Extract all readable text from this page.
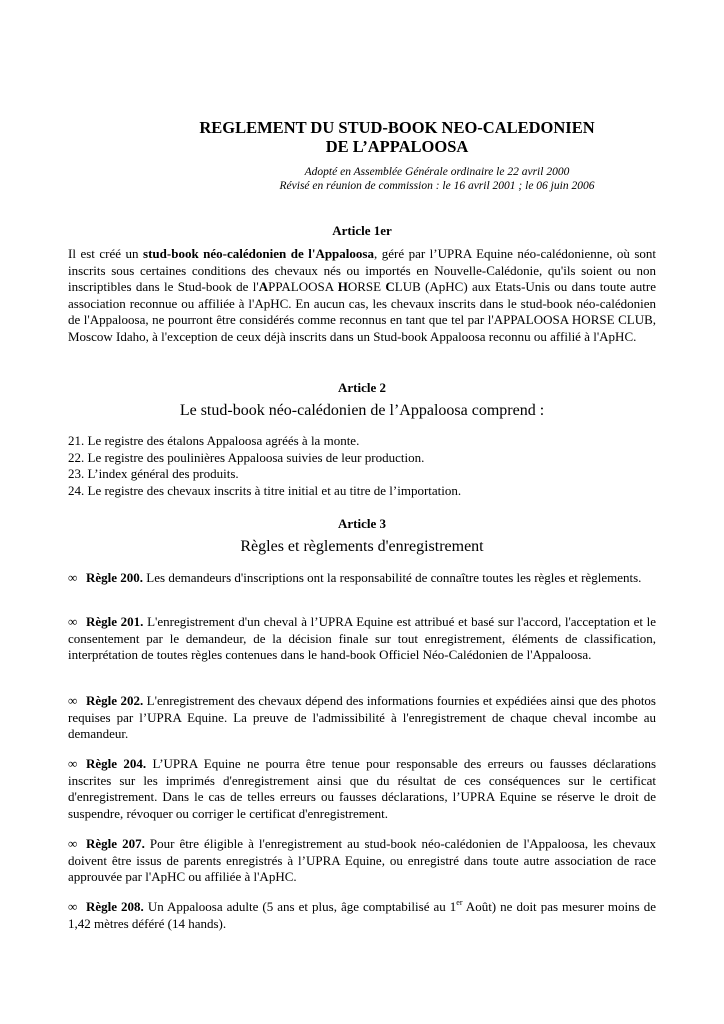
REGLEMENT DU STUD-BOOK NEO-CALEDONIEN
DE L’APPALOOSA
Adopté en Assemblée Générale ordinaire le 22 avril 2000
Révisé en réunion de commission : le 16 avril 2001 ; le 06 juin 2006
Article 1er

Il est créé un stud-book néo-calédonien de l'Appaloosa, géré par l’UPRA Equine néo-calédonienne, où sont inscrits sous certaines conditions des chevaux nés ou importés en Nouvelle-Calédonie, qu'ils soient ou non inscriptibles dans le Stud-book de l'APPALOOSA HORSE CLUB (ApHC) aux Etats-Unis ou dans toute autre association reconnue ou affiliée à l'ApHC. En aucun cas, les chevaux inscrits dans le stud-book néo-calédonien de l'Appaloosa, ne pourront être considérés comme reconnus en tant que tel par l'APPALOOSA HORSE CLUB, Moscow Idaho, à l'exception de ceux déjà inscrits dans un Stud-book Appaloosa reconnu ou affilié à l'ApHC.

Article 2
Le stud-book néo-calédonien de l’Appaloosa comprend :
21. Le registre des étalons Appaloosa agréés à la monte.
22. Le registre des poulinières Appaloosa suivies de leur production.
23. L’index général des produits.
24. Le registre des chevaux inscrits à titre initial et au titre de l’importation.
Article 3
Règles et règlements d'enregistrement

∞ Règle 200. Les demandeurs d'inscriptions ont la responsabilité de connaître toutes les règles et règlements.

∞ Règle 201. L'enregistrement d'un cheval à l’UPRA Equine est attribué et basé sur l'accord, l'acceptation et le consentement par le demandeur, de la décision finale sur tout enregistrement, éléments de classification, interprétation de toutes règles contenues dans le hand-book Officiel Néo-Calédonien de l'Appaloosa.

∞ Règle 202. L'enregistrement des chevaux dépend des informations fournies et expédiées ainsi que des photos requises par l’UPRA Equine. La preuve de l'admissibilité à l'enregistrement de chaque cheval incombe au demandeur.

∞ Règle 204. L’UPRA Equine ne pourra être tenue pour responsable des erreurs ou fausses déclarations inscrites sur les imprimés d'enregistrement ainsi que du résultat de ces conséquences sur le certificat d'enregistrement. Dans le cas de telles erreurs ou fausses déclarations, l’UPRA Equine se réserve le droit de suspendre, révoquer ou corriger le certificat d'enregistrement.

∞ Règle 207. Pour être éligible à l'enregistrement au stud-book néo-calédonien de l'Appaloosa, les chevaux doivent être issus de parents enregistrés à l’UPRA Equine, ou enregistré dans toute autre association de race approuvée par l'ApHC ou affiliée à l'ApHC.

∞ Règle 208. Un Appaloosa adulte (5 ans et plus, âge comptabilisé au 1er Août) ne doit pas mesurer moins de 1,42 mètres déféré (14 hands).
